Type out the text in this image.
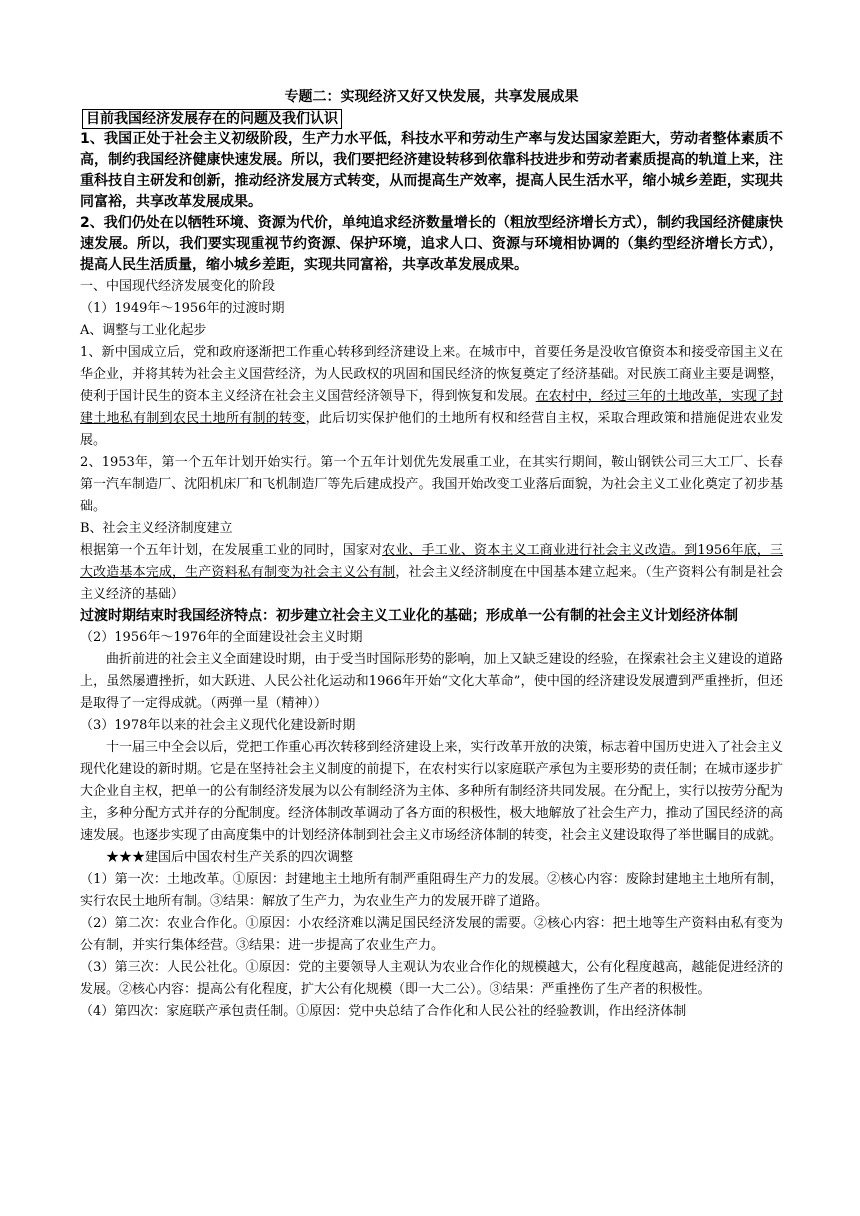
专题二：实现经济又好又快发展，共享发展成果
目前我国经济发展存在的问题及我们认识

1、我国正处于社会主义初级阶段，生产力水平低，科技水平和劳动生产率与发达国家差距大，劳动者整体素质不高，制约我国经济健康快速发展。所以，我们要把经济建设转移到依靠科技进步和劳动者素质提高的轨道上来，注重科技自主研发和创新，推动经济发展方式转变，从而提高生产效率，提高人民生活水平，缩小城乡差距，实现共同富裕，共享改革发展成果。

2、我们仍处在以牺牲环境、资源为代价，单纯追求经济数量增长的（粗放型经济增长方式），制约我国经济健康快速发展。所以，我们要实现重视节约资源、保护环境，追求人口、资源与环境相协调的（集约型经济增长方式），提高人民生活质量，缩小城乡差距，实现共同富裕，共享改革发展成果。

一、中国现代经济发展变化的阶段

（1）1949年～1956年的过渡时期

A、调整与工业化起步

1、新中国成立后，党和政府逐渐把工作重心转移到经济建设上来。在城市中，首要任务是没收官僚资本和接受帝国主义在华企业，并将其转为社会主义国营经济，为人民政权的巩固和国民经济的恢复奠定了经济基础。对民族工商业主要是调整，使利于国计民生的资本主义经济在社会主义国营经济领导下，得到恢复和发展。在农村中，经过三年的土地改革，实现了封建土地私有制到农民土地所有制的转变，此后切实保护他们的土地所有权和经营自主权，采取合理政策和措施促进农业发展。

2、1953年，第一个五年计划开始实行。第一个五年计划优先发展重工业，在其实行期间，鞍山钢铁公司三大工厂、长春第一汽车制造厂、沈阳机床厂和飞机制造厂等先后建成投产。我国开始改变工业落后面貌，为社会主义工业化奠定了初步基础。

B、社会主义经济制度建立

根据第一个五年计划，在发展重工业的同时，国家对农业、手工业、资本主义工商业进行社会主义改造。到1956年底，三大改造基本完成，生产资料私有制变为社会主义公有制，社会主义经济制度在中国基本建立起来。（生产资料公有制是社会主义经济的基础）

过渡时期结束时我国经济特点：初步建立社会主义工业化的基础；形成单一公有制的社会主义计划经济体制

（2）1956年～1976年的全面建设社会主义时期

曲折前进的社会主义全面建设时期，由于受当时国际形势的影响，加上又缺乏建设的经验，在探索社会主义建设的道路上，虽然屡遭挫折，如大跃进、人民公社化运动和1966年开始“文化大革命”，使中国的经济建设发展遭到严重挫折，但还是取得了一定得成就。（两弹一星（精神））

（3）1978年以来的社会主义现代化建设新时期

十一届三中全会以后，党把工作重心再次转移到经济建设上来，实行改革开放的决策，标志着中国历史进入了社会主义现代化建设的新时期。它是在坚持社会主义制度的前提下，在农村实行以家庭联产承包为主要形势的责任制；在城市逐步扩大企业自主权，把单一的公有制经济发展为以公有制经济为主体、多种所有制经济共同发展。在分配上，实行以按劳分配为主，多种分配方式并存的分配制度。经济体制改革调动了各方面的积极性，极大地解放了社会生产力，推动了国民经济的高速发展。也逐步实现了由高度集中的计划经济体制到社会主义市场经济体制的转变，社会主义建设取得了举世瞩目的成就。

★★★建国后中国农村生产关系的四次调整

（1）第一次：土地改革。①原因：封建地主土地所有制严重阻碍生产力的发展。②核心内容：废除封建地主土地所有制，实行农民土地所有制。③结果：解放了生产力，为农业生产力的发展开辟了道路。

（2）第二次：农业合作化。①原因：小农经济难以满足国民经济发展的需要。②核心内容：把土地等生产资料由私有变为公有制，并实行集体经营。③结果：进一步提高了农业生产力。

（3）第三次：人民公社化。①原因：党的主要领导人主观认为农业合作化的规模越大，公有化程度越高，越能促进经济的发展。②核心内容：提高公有化程度，扩大公有化规模（即一大二公）。③结果：严重挫伤了生产者的积极性。

（4）第四次：家庭联产承包责任制。①原因：党中央总结了合作化和人民公社的经验教训，作出经济体制
